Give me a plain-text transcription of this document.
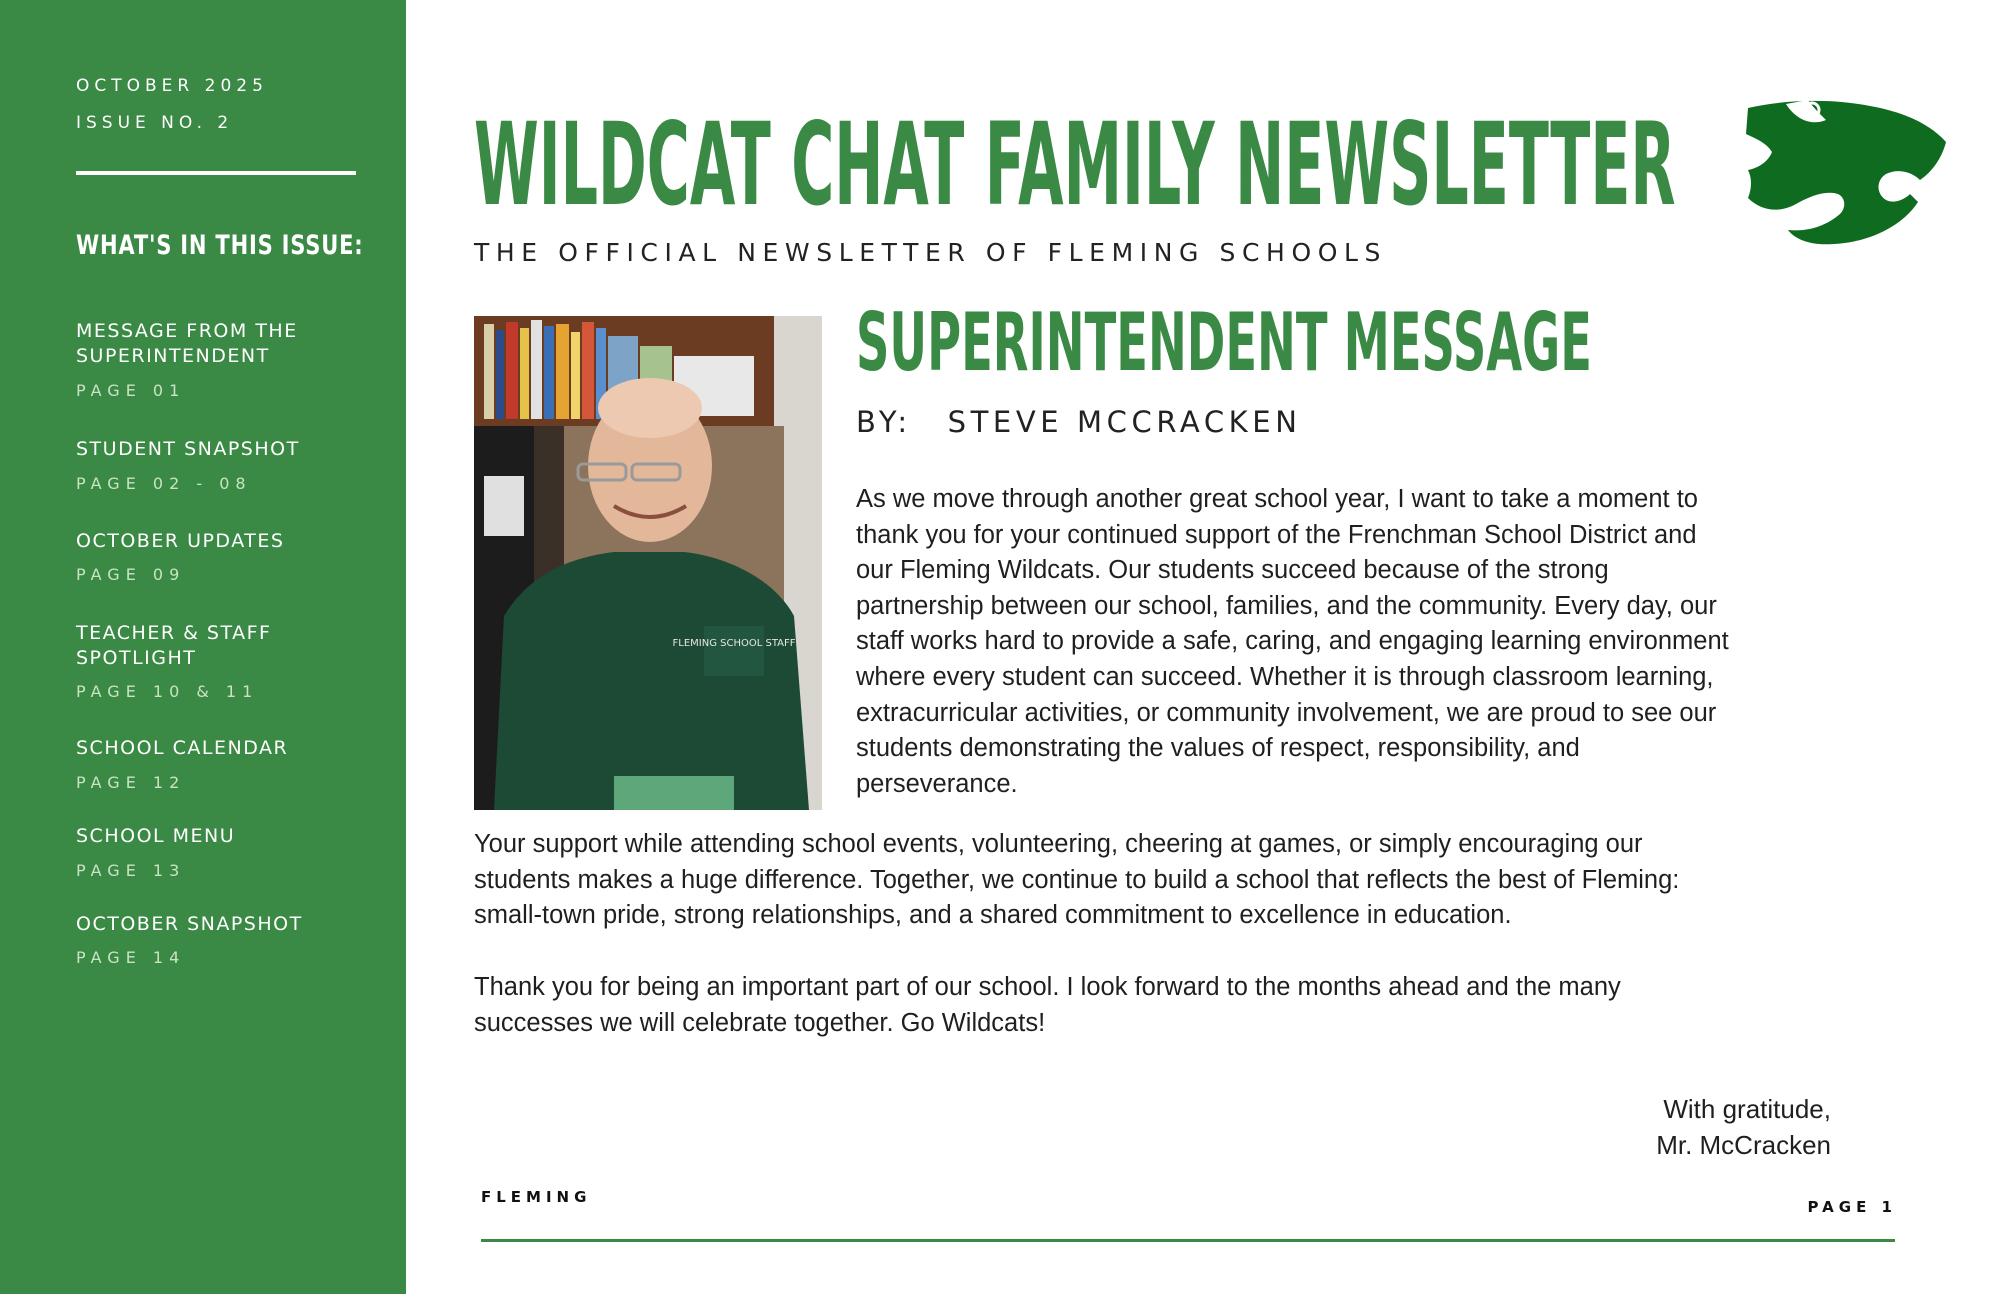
OCTOBER 2025
ISSUE NO. 2
WHAT'S IN THIS ISSUE:
MESSAGE FROM THE
SUPERINTENDENT
PAGE 01
STUDENT SNAPSHOT
PAGE 02 - 08
OCTOBER UPDATES
PAGE 09
TEACHER & STAFF
SPOTLIGHT
PAGE 10 & 11
SCHOOL CALENDAR
PAGE 12
SCHOOL MENU
PAGE 13
OCTOBER SNAPSHOT
PAGE 14
WILDCAT CHAT FAMILY NEWSLETTER
THE OFFICIAL NEWSLETTER OF FLEMING SCHOOLS
FLEMING SCHOOL STAFF
SUPERINTENDENT MESSAGE
BY: STEVE MCCRACKEN

As we move through another great school year, I want to take a moment to
thank you for your continued support of the Frenchman School District and
our Fleming Wildcats. Our students succeed because of the strong
partnership between our school, families, and the community. Every day, our
staff works hard to provide a safe, caring, and engaging learning environment
where every student can succeed. Whether it is through classroom learning,
extracurricular activities, or community involvement, we are proud to see our
students demonstrating the values of respect, responsibility, and
perseverance.

Your support while attending school events, volunteering, cheering at games, or simply encouraging our
students makes a huge difference. Together, we continue to build a school that reflects the best of Fleming:
small-town pride, strong relationships, and a shared commitment to excellence in education.

Thank you for being an important part of our school. I look forward to the months ahead and the many
successes we will celebrate together. Go Wildcats!

With gratitude,
Mr. McCracken
FLEMING
PAGE 1
